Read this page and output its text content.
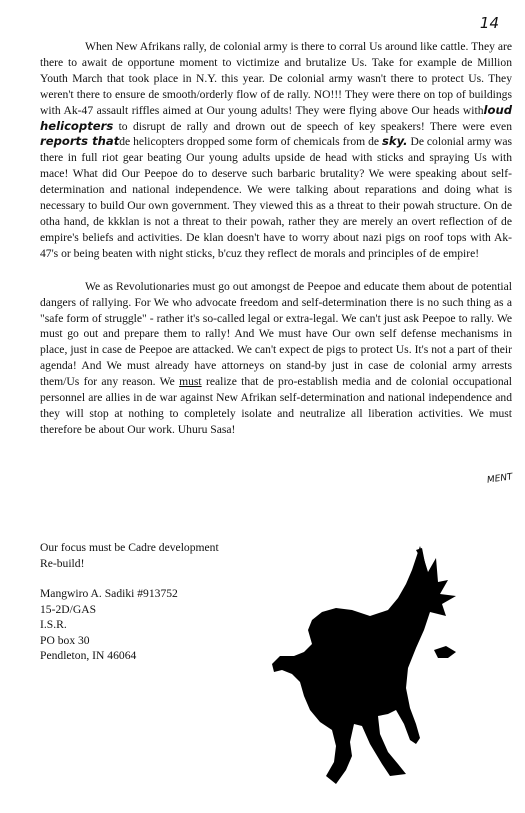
14

When New Afrikans rally, de colonial army is there to corral Us around like cattle. They are there to await de opportune moment to victimize and brutalize Us. Take for example de Million Youth March that took place in N.Y. this year. De colonial army wasn't there to protect Us. They weren't there to ensure de smooth/orderly flow of de rally. NO!!! They were there on top of buildings with Ak-47 assault riffles aimed at Our young adults! They were flying above Our heads withloud helicopters to disrupt de rally and drown out de speech of key speakers! There were even reports thatde helicopters dropped some form of chemicals from de sky. De colonial army was there in full riot gear beating Our young adults upside de head with sticks and spraying Us with mace! What did Our Peepoe do to deserve such barbaric brutality? We were speaking about self-determination and national independence. We were talking about reparations and doing what is necessary to build Our own government. They viewed this as a threat to their powah structure. On de otha hand, de kkklan is not a threat to their powah, rather they are merely an overt reflection of de empire's beliefs and activities. De klan doesn't have to worry about nazi pigs on roof tops with Ak-47's or being beaten with night sticks, b'cuz they reflect de morals and principles of de empire!

We as Revolutionaries must go out amongst de Peepoe and educate them about de potential dangers of rallying. For We who advocate freedom and self-determination there is no such thing as a "safe form of struggle" - rather it's so-called legal or extra-legal. We can't just ask Peepoe to rally. We must go out and prepare them to rally! And We must have Our own self defense mechanisms in place, just in case de Peepoe are attacked. We can't expect de pigs to protect Us. It's not a part of their agenda! And We must already have attorneys on stand-by just in case de colonial army arrests them/Us for any reason. We must realize that de pro-establish media and de colonial occupational personnel are allies in de war against New Afrikan self-determination and national independence and they will stop at nothing to completely isolate and neutralize all liberation activities. We must therefore be about Our work. Uhuru Sasa!

MENT

Our focus must be Cadre development

Re-build!

Mangwiro A. Sadiki #913752

15-2D/GAS

I.S.R.

PO box 30

Pendleton, IN 46064
